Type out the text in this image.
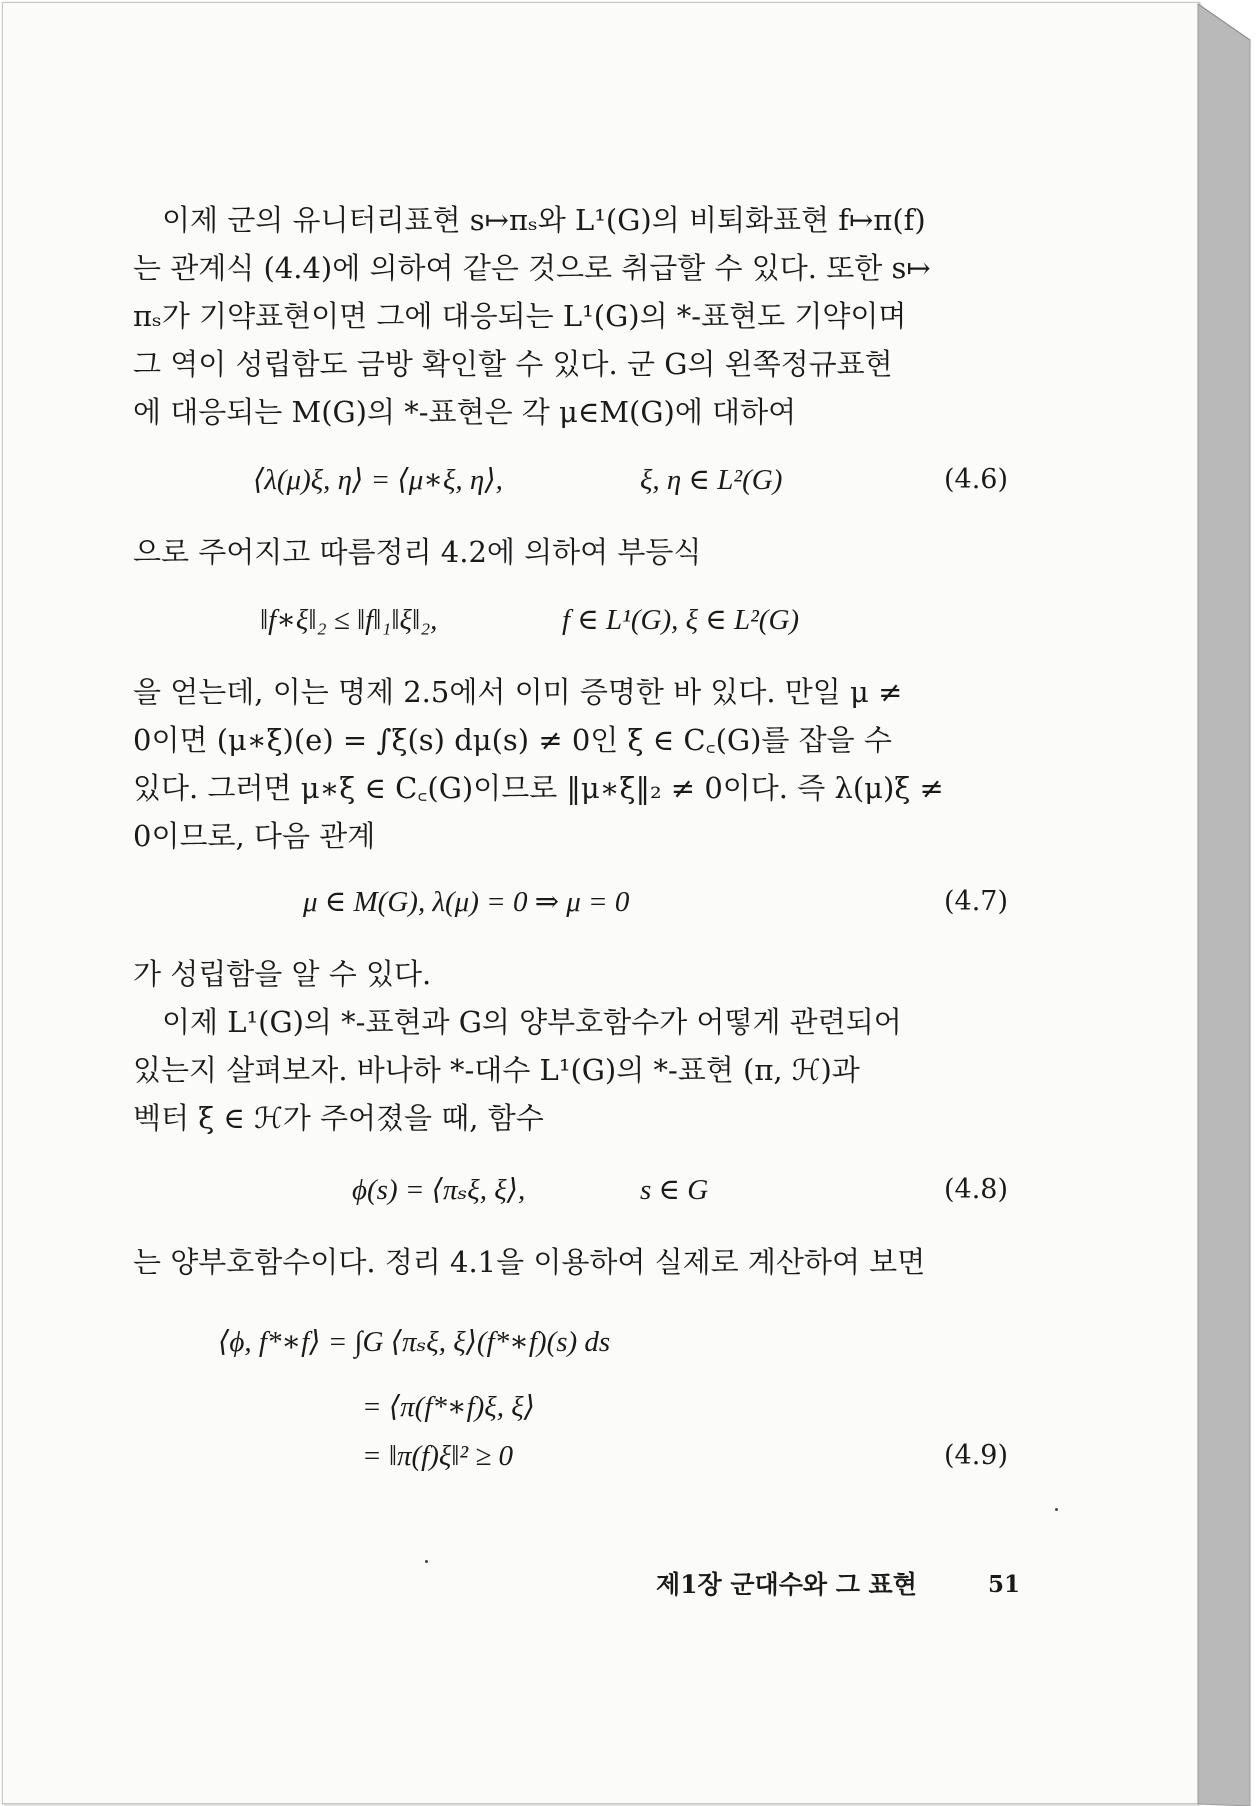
이제 군의 유니터리표현 s↦πₛ와 L¹(G)의 비퇴화표현 f↦π(f)
는 관계식 (4.4)에 의하여 같은 것으로 취급할 수 있다. 또한 s↦
πₛ가 기약표현이면 그에 대응되는 L¹(G)의 *-표현도 기약이며
그 역이 성립함도 금방 확인할 수 있다. 군 G의 왼쪽정규표현
에 대응되는 M(G)의 *-표현은 각 μ∈M(G)에 대하여

⟨λ(μ)ξ, η⟩ = ⟨μ∗ξ, η⟩,	ξ, η ∈ L²(G)	(4.6)

으로 주어지고 따름정리 4.2에 의하여 부등식

‖f∗ξ‖₂ ≤ ‖f‖₁‖ξ‖₂,	f ∈ L¹(G), ξ ∈ L²(G)

을 얻는데, 이는 명제 2.5에서 이미 증명한 바 있다. 만일 μ ≠
0이면 (μ∗ξ)(e) = ∫ξ(s) dμ(s) ≠ 0인 ξ ∈ C꜀(G)를 잡을 수
있다. 그러면 μ∗ξ ∈ C꜀(G)이므로 ‖μ∗ξ‖₂ ≠ 0이다. 즉 λ(μ)ξ ≠
0이므로, 다음 관계

μ ∈ M(G), λ(μ) = 0 ⇒ μ = 0	(4.7)

가 성립함을 알 수 있다.

이제 L¹(G)의 *-표현과 G의 양부호함수가 어떻게 관련되어
있는지 살펴보자. 바나하 *-대수 L¹(G)의 *-표현 (π, ℋ)과
벡터 ξ ∈ ℋ가 주어졌을 때, 함수

ϕ(s) = ⟨πₛξ, ξ⟩,	s ∈ G	(4.8)

는 양부호함수이다. 정리 4.1을 이용하여 실제로 계산하여 보면

⟨ϕ, f*∗f⟩ = ∫G ⟨πₛξ, ξ⟩(f*∗f)(s) ds
= ⟨π(f*∗f)ξ, ξ⟩
= ‖π(f)ξ‖² ≥ 0	(4.9)
제1장 군대수와 그 표현	51
